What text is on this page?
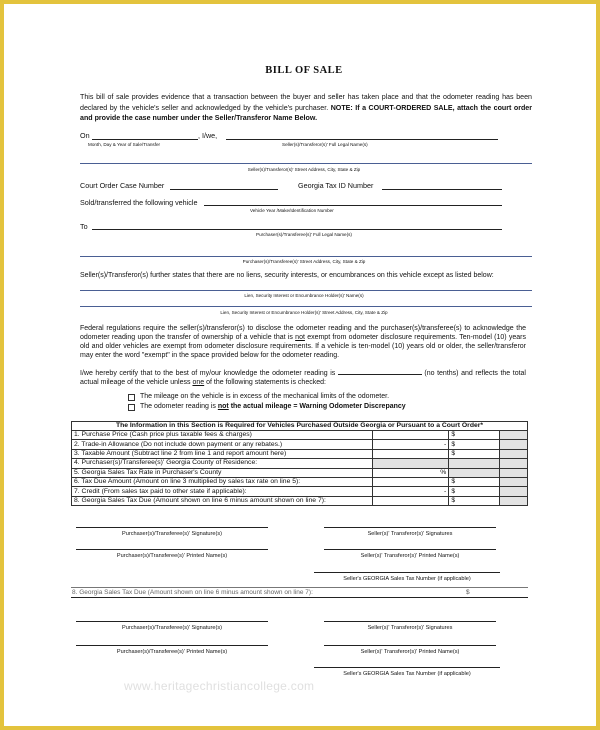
BILL OF SALE
This bill of sale provides evidence that a transaction between the buyer and seller has taken place and that the odometer reading has been declared by the vehicle's seller and acknowledged by the vehicle's purchaser. NOTE: If a COURT-ORDERED SALE, attach the court order and provide the case number under the Seller/Transferor Name Below.
On	, I/we,
Month, Day & Year of Sale/Transfer	Seller(s)/Transferor(s)' Full Legal Name(s)
Seller(s)/Transferor(s)' Street Address, City, State & Zip
Court Order Case Number	Georgia Tax ID Number
Sold/transferred the following vehicle
Vehicle Year /Make/Identification Number
To
Purchaser(s)/Transferee(s)' Full Legal Name(s)
Purchaser(s)/Transferee(s)' Street Address, City, State & Zip
Seller(s)/Transferor(s) further states that there are no liens, security interests, or encumbrances on this vehicle except as listed below:
Lien, Security Interest or Encumbrance Holder(s)' Name(s)
Lien, Security Interest or Encumbrance Holder(s)' Street Address, City, State & Zip
Federal regulations require the seller(s)/transferor(s) to disclose the odometer reading and the purchaser(s)/transferee(s) to acknowledge the odometer reading upon the transfer of ownership of a vehicle that is not exempt from odometer disclosure requirements. Ten-model (10) years old and older vehicles are exempt from odometer disclosure requirements. If a vehicle is ten-model (10) years old or older, the seller/transferor may enter the word "exempt" in the space provided below for the odometer reading.
I/we hereby certify that to the best of my/our knowledge the odometer reading is	(no tenths) and reflects the total actual mileage of the vehicle unless one of the following statements is checked:
The mileage on the vehicle is in excess of the mechanical limits of the odometer.
The odometer reading is not the actual mileage = Warning Odometer Discrepancy
The Information in this Section is Required for Vehicles Purchased Outside Georgia or Pursuant to a Court Order*			
1. Purchase Price (Cash price plus taxable fees & charges)		$	
2. Trade-in Allowance (Do not include down payment or any rebates.)	-	$	
3. Taxable Amount (Subtract line 2 from line 1 and report amount here)		$	
4. Purchaser(s)/Transferee(s)' Georgia County of Residence:			
5. Georgia Sales Tax Rate in Purchaser's County	%		
6. Tax Due Amount (Amount on line 3 multiplied by sales tax rate on line 5):		$	
7. Credit (From sales tax paid to other state if applicable):	-	$	
8. Georgia Sales Tax Due (Amount shown on line 6 minus amount shown on line 7):		$	
Purchaser(s)/Transferee(s)' Signature(s)	Seller(s)' Transferor(s)' Signatures
Purchaser(s)/Transferee(s)' Printed Name(s)	Seller(s)' Transferor(s)' Printed Name(s)
Seller's GEORGIA Sales Tax Number (if applicable)
8. Georgia Sales Tax Due (Amount shown on line 6 minus amount shown on line 7):	$
Purchaser(s)/Transferee(s)' Signature(s)	Seller(s)' Transferor(s)' Signatures
Purchaser(s)/Transferee(s)' Printed Name(s)	Seller(s)' Transferor(s)' Printed Name(s)
Seller's GEORGIA Sales Tax Number (if applicable)
www.heritagechristiancollege.com
